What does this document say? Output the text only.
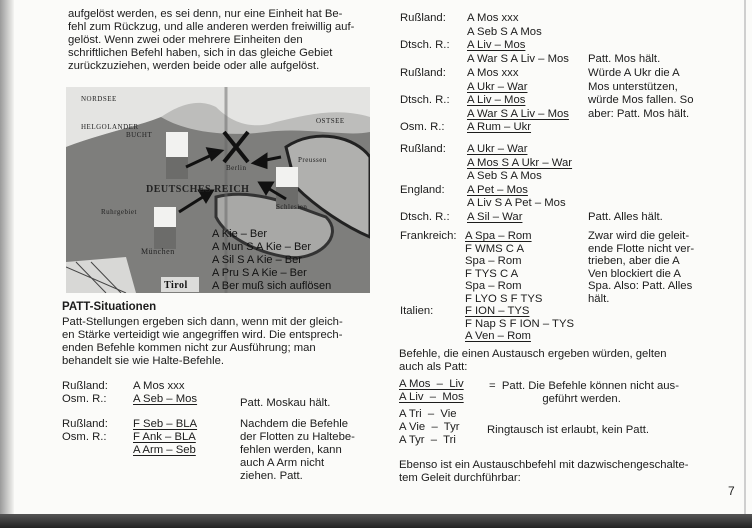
aufgelöst werden, es sei denn, nur eine Einheit hat Be-
fehl zum Rückzug, und alle anderen werden freiwillig auf-
gelöst. Wenn zwei oder mehrere Einheiten den
schriftlichen Befehl haben, sich in das gleiche Gebiet
zurückzuziehen, werden beide oder alle aufgelöst.
NORDSEE
HELGOLANDER
BUCHT
OSTSEE
Berlin
Preussen
DEUTSCHES REICH
Ruhrgebiet
Schlesien
München
Tirol
A Kie – Ber
A Mun S A Kie – Ber
A Sil S A Kie – Ber
A Pru S A Kie – Ber
A Ber muß sich auflösen
PATT-Situationen
Patt-Stellungen ergeben sich dann, wenn mit der gleich-
en Stärke verteidigt wie angegriffen wird. Die entsprech-
enden Befehle kommen nicht zur Ausführung; man
behandelt sie wie Halte-Befehle.
Rußland: A Mos xxx
Osm. R.: A Seb – Mos	Patt. Moskau hält.
Rußland: F Seb – BLA
Osm. R.: F Ank – BLA
A Arm – Seb
Nachdem die Befehle
der Flotten zu Haltebe-
fehlen werden, kann
auch A Arm nicht
ziehen. Patt.
Rußland: A Mos xxx
A Seb S A Mos
Dtsch. R.: A Liv – Mos
A War S A Liv – Mos

Patt. Mos hält.
Rußland: A Mos xxx
A Ukr – War
Dtsch. R.: A Liv – Mos
A War S A Liv – Mos
Osm. R.: A Rum – Ukr
Würde A Ukr die A
Mos unterstützen,
würde Mos fallen. So
aber: Patt. Mos hält.
Rußland: A Ukr – War
A Mos S A Ukr – War
A Seb S A Mos
England: A Pet – Mos
A Liv S A Pet – Mos
Dtsch. R.: A Sil – War	

Patt. Alles hält.
Frankreich: A Spa – Rom
F WMS C A
Spa – Rom
F TYS C A
Spa – Rom
F LYO S F TYS
Italien:	F ION – TYS
F Nap S F ION – TYS
A Ven – Rom
Zwar wird die geleit-
ende Flotte nicht ver-
trieben, aber die A
Ven blockiert die A
Spa. Also: Patt. Alles
hält.
Befehle, die einen Austausch ergeben würden, gelten
auch als Patt:
A Mos  –  Liv
A Liv  –  Mos
=  Patt. Die Befehle können nicht aus-
geführt werden.
A Tri  –  Vie
A Vie  –  Tyr
A Tyr  –  Tri
Ringtausch ist erlaubt, kein Patt.
Ebenso ist ein Austauschbefehl mit dazwischengeschalte-
tem Geleit durchführbar:
7
